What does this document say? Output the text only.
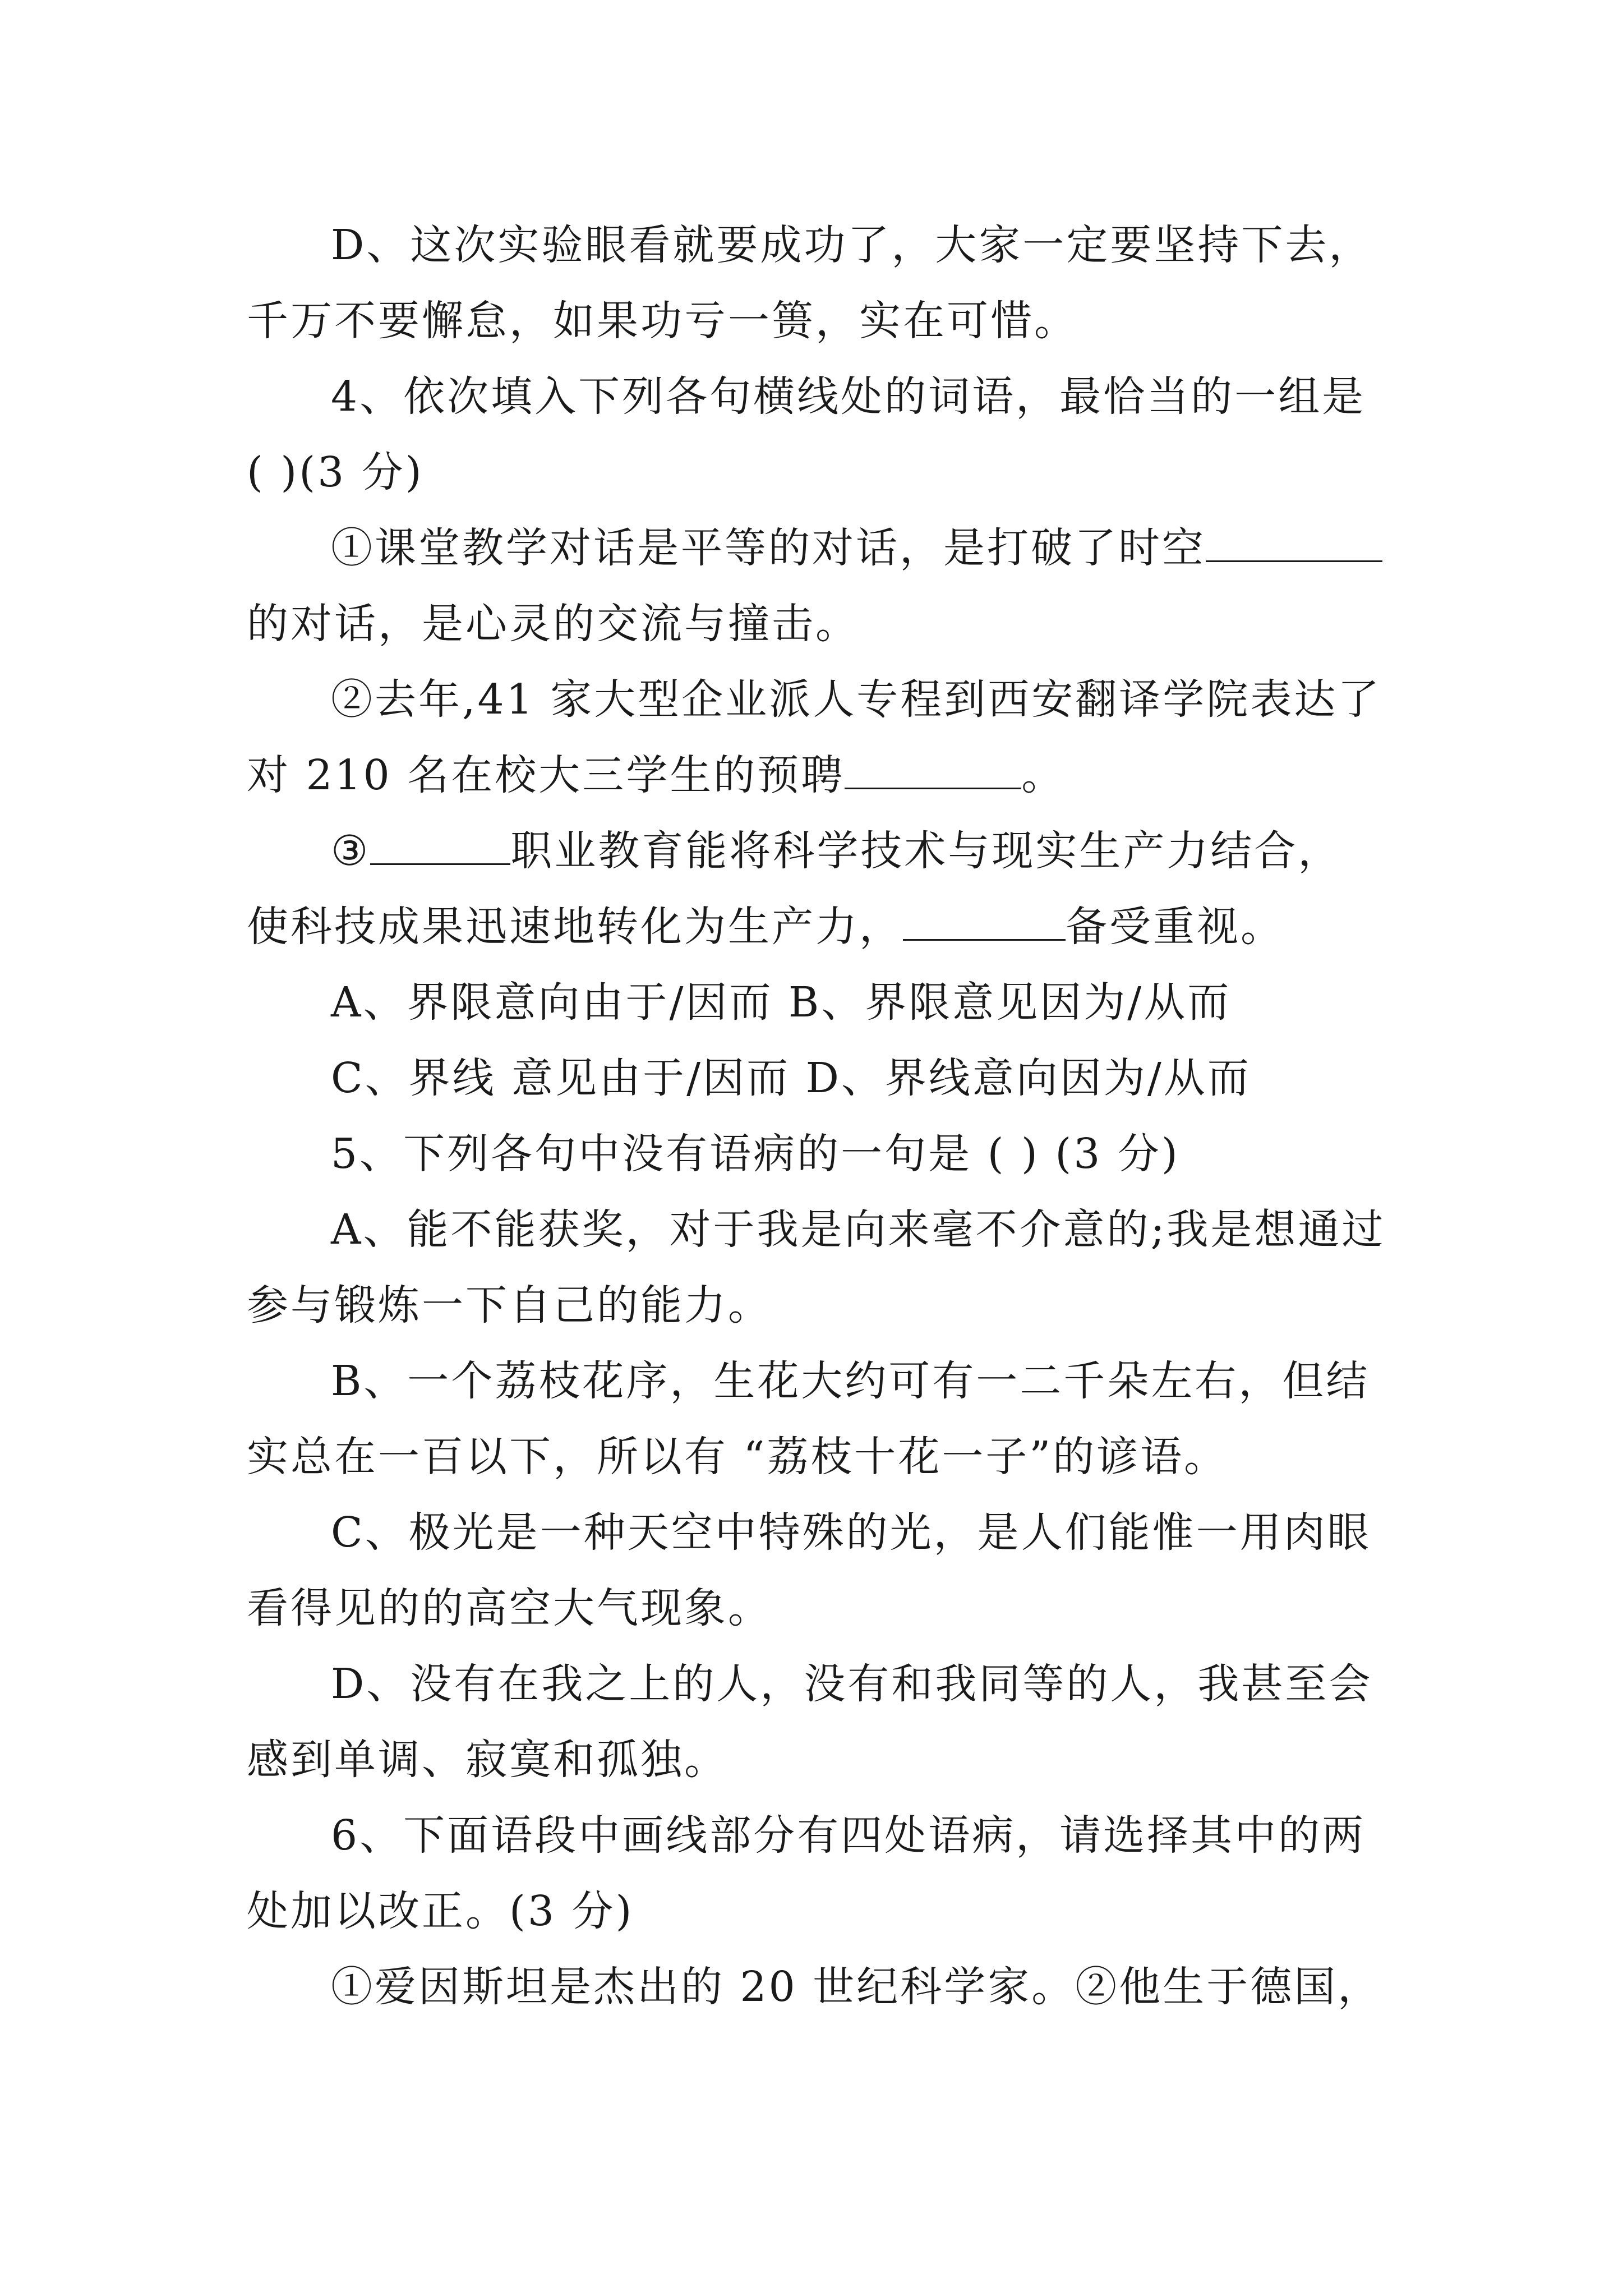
D、这次实验眼看就要成功了，大家一定要坚持下去，
千万不要懈怠，如果功亏一篑，实在可惜。
4、依次填入下列各句横线处的词语，最恰当的一组是
( )(3 分)
①课堂教学对话是平等的对话，是打破了时空
的对话，是心灵的交流与撞击。
②去年,41 家大型企业派人专程到西安翻译学院表达了
对 210 名在校大三学生的预聘	。
③	职业教育能将科学技术与现实生产力结合，
使科技成果迅速地转化为生产力，	备受重视。
A、界限意向由于/因而 B、界限意见因为/从而
C、界线 意见由于/因而 D、界线意向因为/从而
5、下列各句中没有语病的一句是 ( ) (3 分)
A、能不能获奖，对于我是向来毫不介意的;我是想通过
参与锻炼一下自己的能力。
B、一个荔枝花序，生花大约可有一二千朵左右，但结
实总在一百以下，所以有 “荔枝十花一子”的谚语。
C、极光是一种天空中特殊的光，是人们能惟一用肉眼
看得见的的高空大气现象。
D、没有在我之上的人，没有和我同等的人，我甚至会
感到单调、寂寞和孤独。
6、下面语段中画线部分有四处语病，请选择其中的两
处加以改正。(3 分)
①爱因斯坦是杰出的 20 世纪科学家。②他生于德国，
